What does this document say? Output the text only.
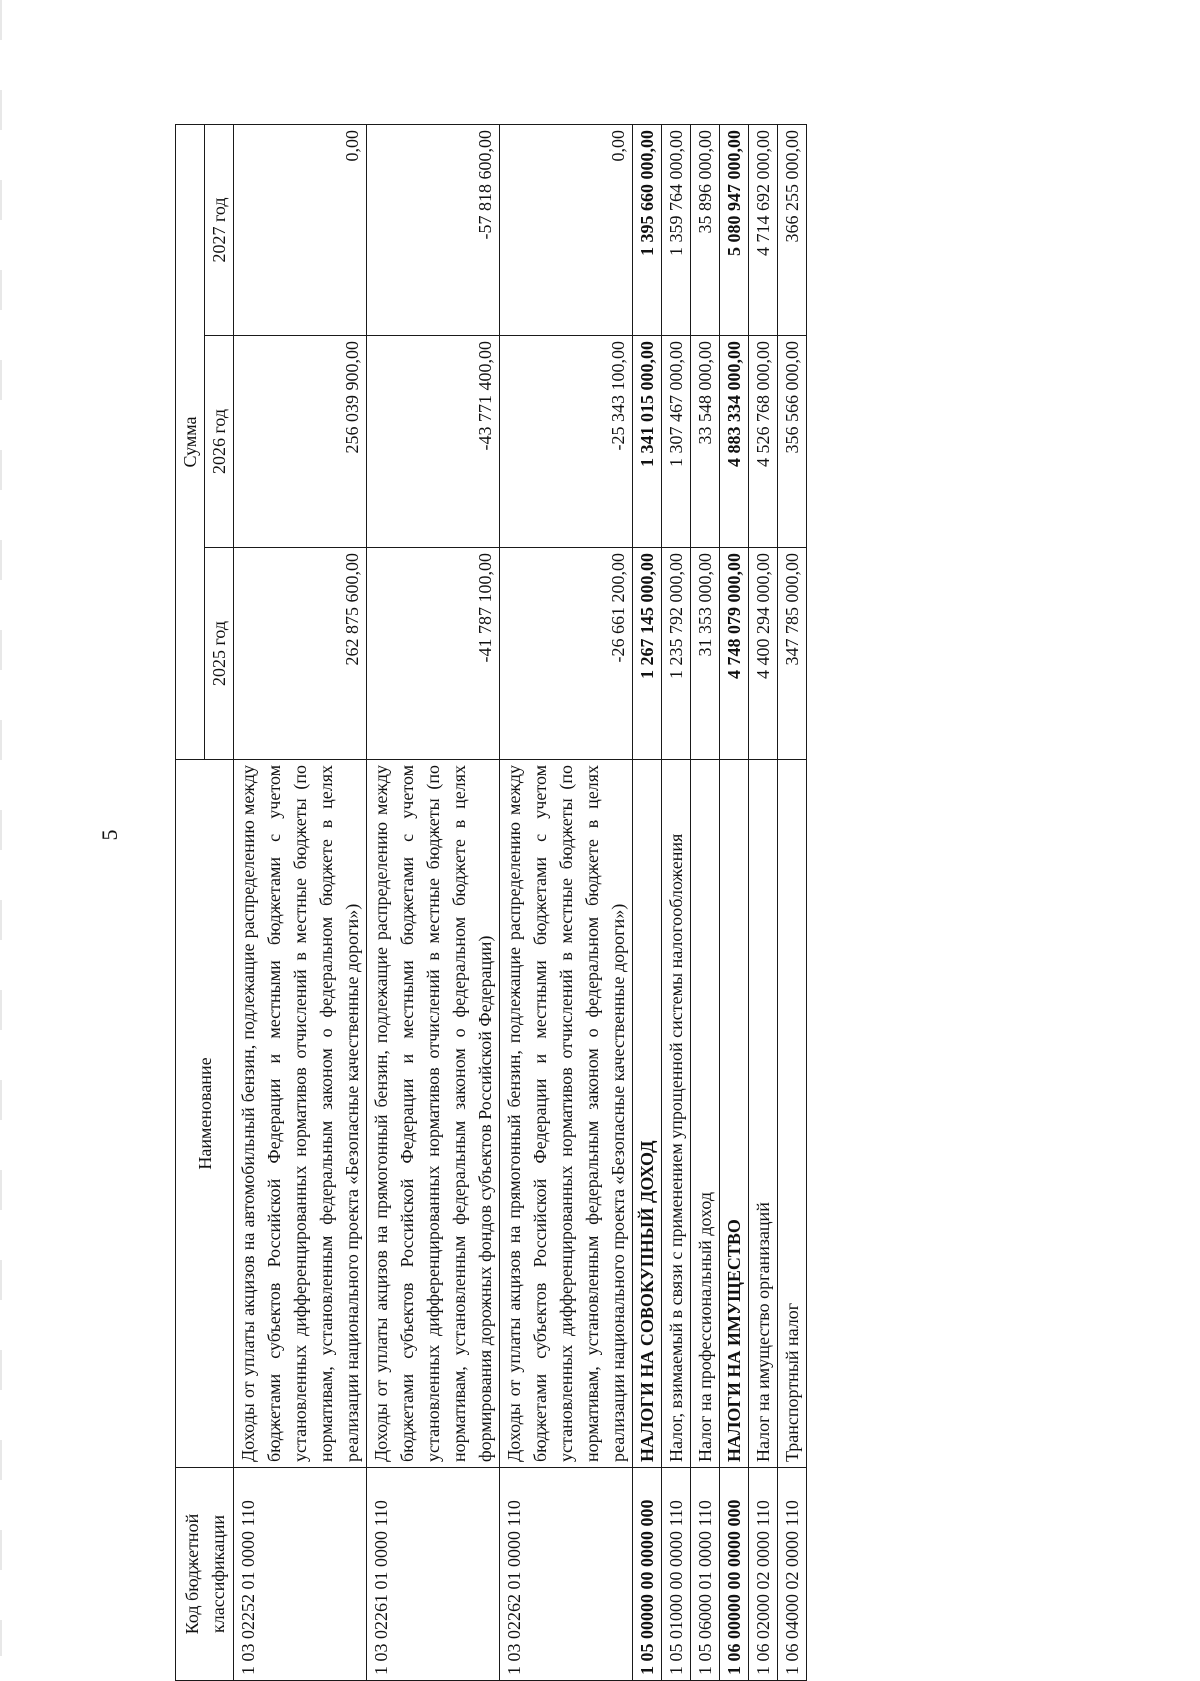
5
Код бюджетной классификации	Наименование	Сумма		
		2025 год	2026 год	2027 год
1 03 02252 01 0000 110	Доходы от уплаты акцизов на автомобильный бензин, подлежащие распределению между бюджетами субъектов Российской Федерации и местными бюджетами с учетом установленных дифференцированных нормативов отчислений в местные бюджеты (по нормативам, установленным федеральным законом о федеральном бюджете в целях реализации национального проекта «Безопасные качественные дороги»)	262 875 600,00	256 039 900,00	0,00
1 03 02261 01 0000 110	Доходы от уплаты акцизов на прямогонный бензин, подлежащие распределению между бюджетами субъектов Российской Федерации и местными бюджетами с учетом установленных дифференцированных нормативов отчислений в местные бюджеты (по нормативам, установленным федеральным законом о федеральном бюджете в целях формирования дорожных фондов субъектов Российской Федерации)	-41 787 100,00	-43 771 400,00	-57 818 600,00
1 03 02262 01 0000 110	Доходы от уплаты акцизов на прямогонный бензин, подлежащие распределению между бюджетами субъектов Российской Федерации и местными бюджетами с учетом установленных дифференцированных нормативов отчислений в местные бюджеты (по нормативам, установленным федеральным законом о федеральном бюджете в целях реализации национального проекта «Безопасные качественные дороги»)	-26 661 200,00	-25 343 100,00	0,00
1 05 00000 00 0000 000	НАЛОГИ НА СОВОКУПНЫЙ ДОХОД	1 267 145 000,00	1 341 015 000,00	1 395 660 000,00
1 05 01000 00 0000 110	Налог, взимаемый в связи с применением упрощенной системы налогообложения	1 235 792 000,00	1 307 467 000,00	1 359 764 000,00
1 05 06000 01 0000 110	Налог на профессиональный доход	31 353 000,00	33 548 000,00	35 896 000,00
1 06 00000 00 0000 000	НАЛОГИ НА ИМУЩЕСТВО	4 748 079 000,00	4 883 334 000,00	5 080 947 000,00
1 06 02000 02 0000 110	Налог на имущество организаций	4 400 294 000,00	4 526 768 000,00	4 714 692 000,00
1 06 04000 02 0000 110	Транспортный налог	347 785 000,00	356 566 000,00	366 255 000,00
